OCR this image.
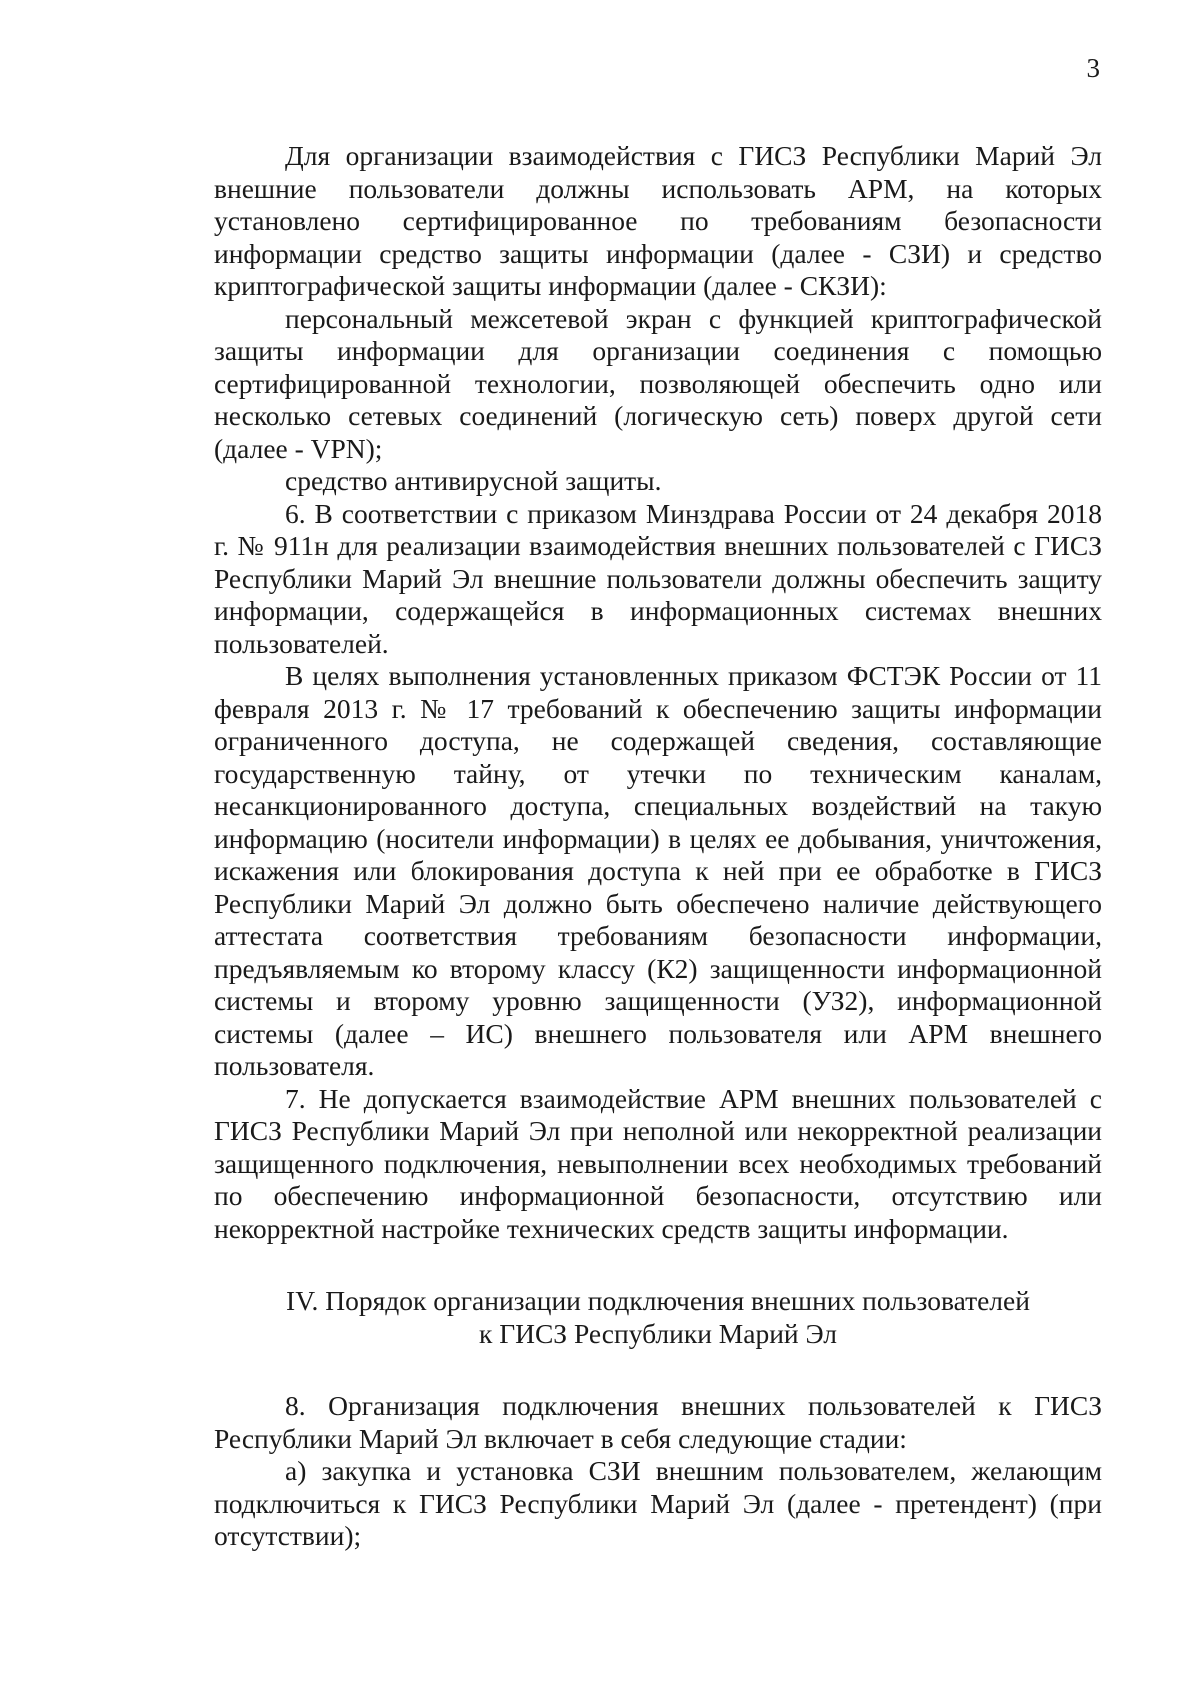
3

Для организации взаимодействия с ГИСЗ Республики Марий Эл внешние пользователи должны использовать АРМ, на которых установлено сертифицированное по требованиям безопасности информации средство защиты информации (далее - СЗИ) и средство криптографической защиты информации (далее - СКЗИ):

персональный межсетевой экран с функцией криптографической защиты информации для организации соединения с помощью сертифицированной технологии, позволяющей обеспечить одно или несколько сетевых соединений (логическую сеть) поверх другой сети (далее - VPN);

средство антивирусной защиты.

6. В соответствии с приказом Минздрава России от 24 декабря 2018 г. № 911н для реализации взаимодействия внешних пользователей с ГИСЗ Республики Марий Эл внешние пользователи должны обеспечить защиту информации, содержащейся в информационных системах внешних пользователей.

В целях выполнения установленных приказом ФСТЭК России от 11 февраля 2013 г. № 17 требований к обеспечению защиты информации ограниченного доступа, не содержащей сведения, составляющие государственную тайну, от утечки по техническим каналам, несанкционированного доступа, специальных воздействий на такую информацию (носители информации) в целях ее добывания, уничтожения, искажения или блокирования доступа к ней при ее обработке в ГИСЗ Республики Марий Эл должно быть обеспечено наличие действующего аттестата соответствия требованиям безопасности информации, предъявляемым ко второму классу (К2) защищенности информационной системы и второму уровню защищенности (УЗ2), информационной системы (далее – ИС) внешнего пользователя или АРМ внешнего пользователя.

7. Не допускается взаимодействие АРМ внешних пользователей с ГИСЗ Республики Марий Эл при неполной или некорректной реализации защищенного подключения, невыполнении всех необходимых требований по обеспечению информационной безопасности, отсутствию или некорректной настройке технических средств защиты информации.

IV. Порядок организации подключения внешних пользователей
к ГИСЗ Республики Марий Эл

8. Организация подключения внешних пользователей к ГИСЗ Республики Марий Эл включает в себя следующие стадии:

а) закупка и установка СЗИ внешним пользователем, желающим подключиться к ГИСЗ Республики Марий Эл (далее - претендент) (при отсутствии);
